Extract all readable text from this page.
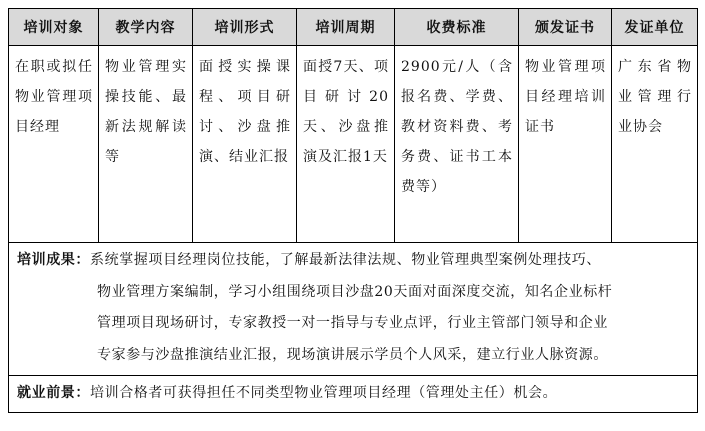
培训对象	教学内容	培训形式	培训周期	收费标准	颁发证书	发证单位

在职或拟任物业管理项目经理	物业管理实操技能、最新法规解读等	面授实操课程、项目研讨、沙盘推演、结业汇报	面授7天、项目研讨20天、沙盘推演及汇报1天	2900元/人（含报名费、学费、教材资料费、考务费、证书工本费等）	物业管理项目经理培训证书	广东省物业管理行业协会

培训成果：系统掌握项目经理岗位技能，了解最新法律法规、物业管理典型案例处理技巧、
物业管理方案编制，学习小组围绕项目沙盘20天面对面深度交流，知名企业标杆
管理项目现场研讨，专家教授一对一指导与专业点评，行业主管部门领导和企业
专家参与沙盘推演结业汇报，现场演讲展示学员个人风采，建立行业人脉资源。						

就业前景：培训合格者可获得担任不同类型物业管理项目经理（管理处主任）机会。						
